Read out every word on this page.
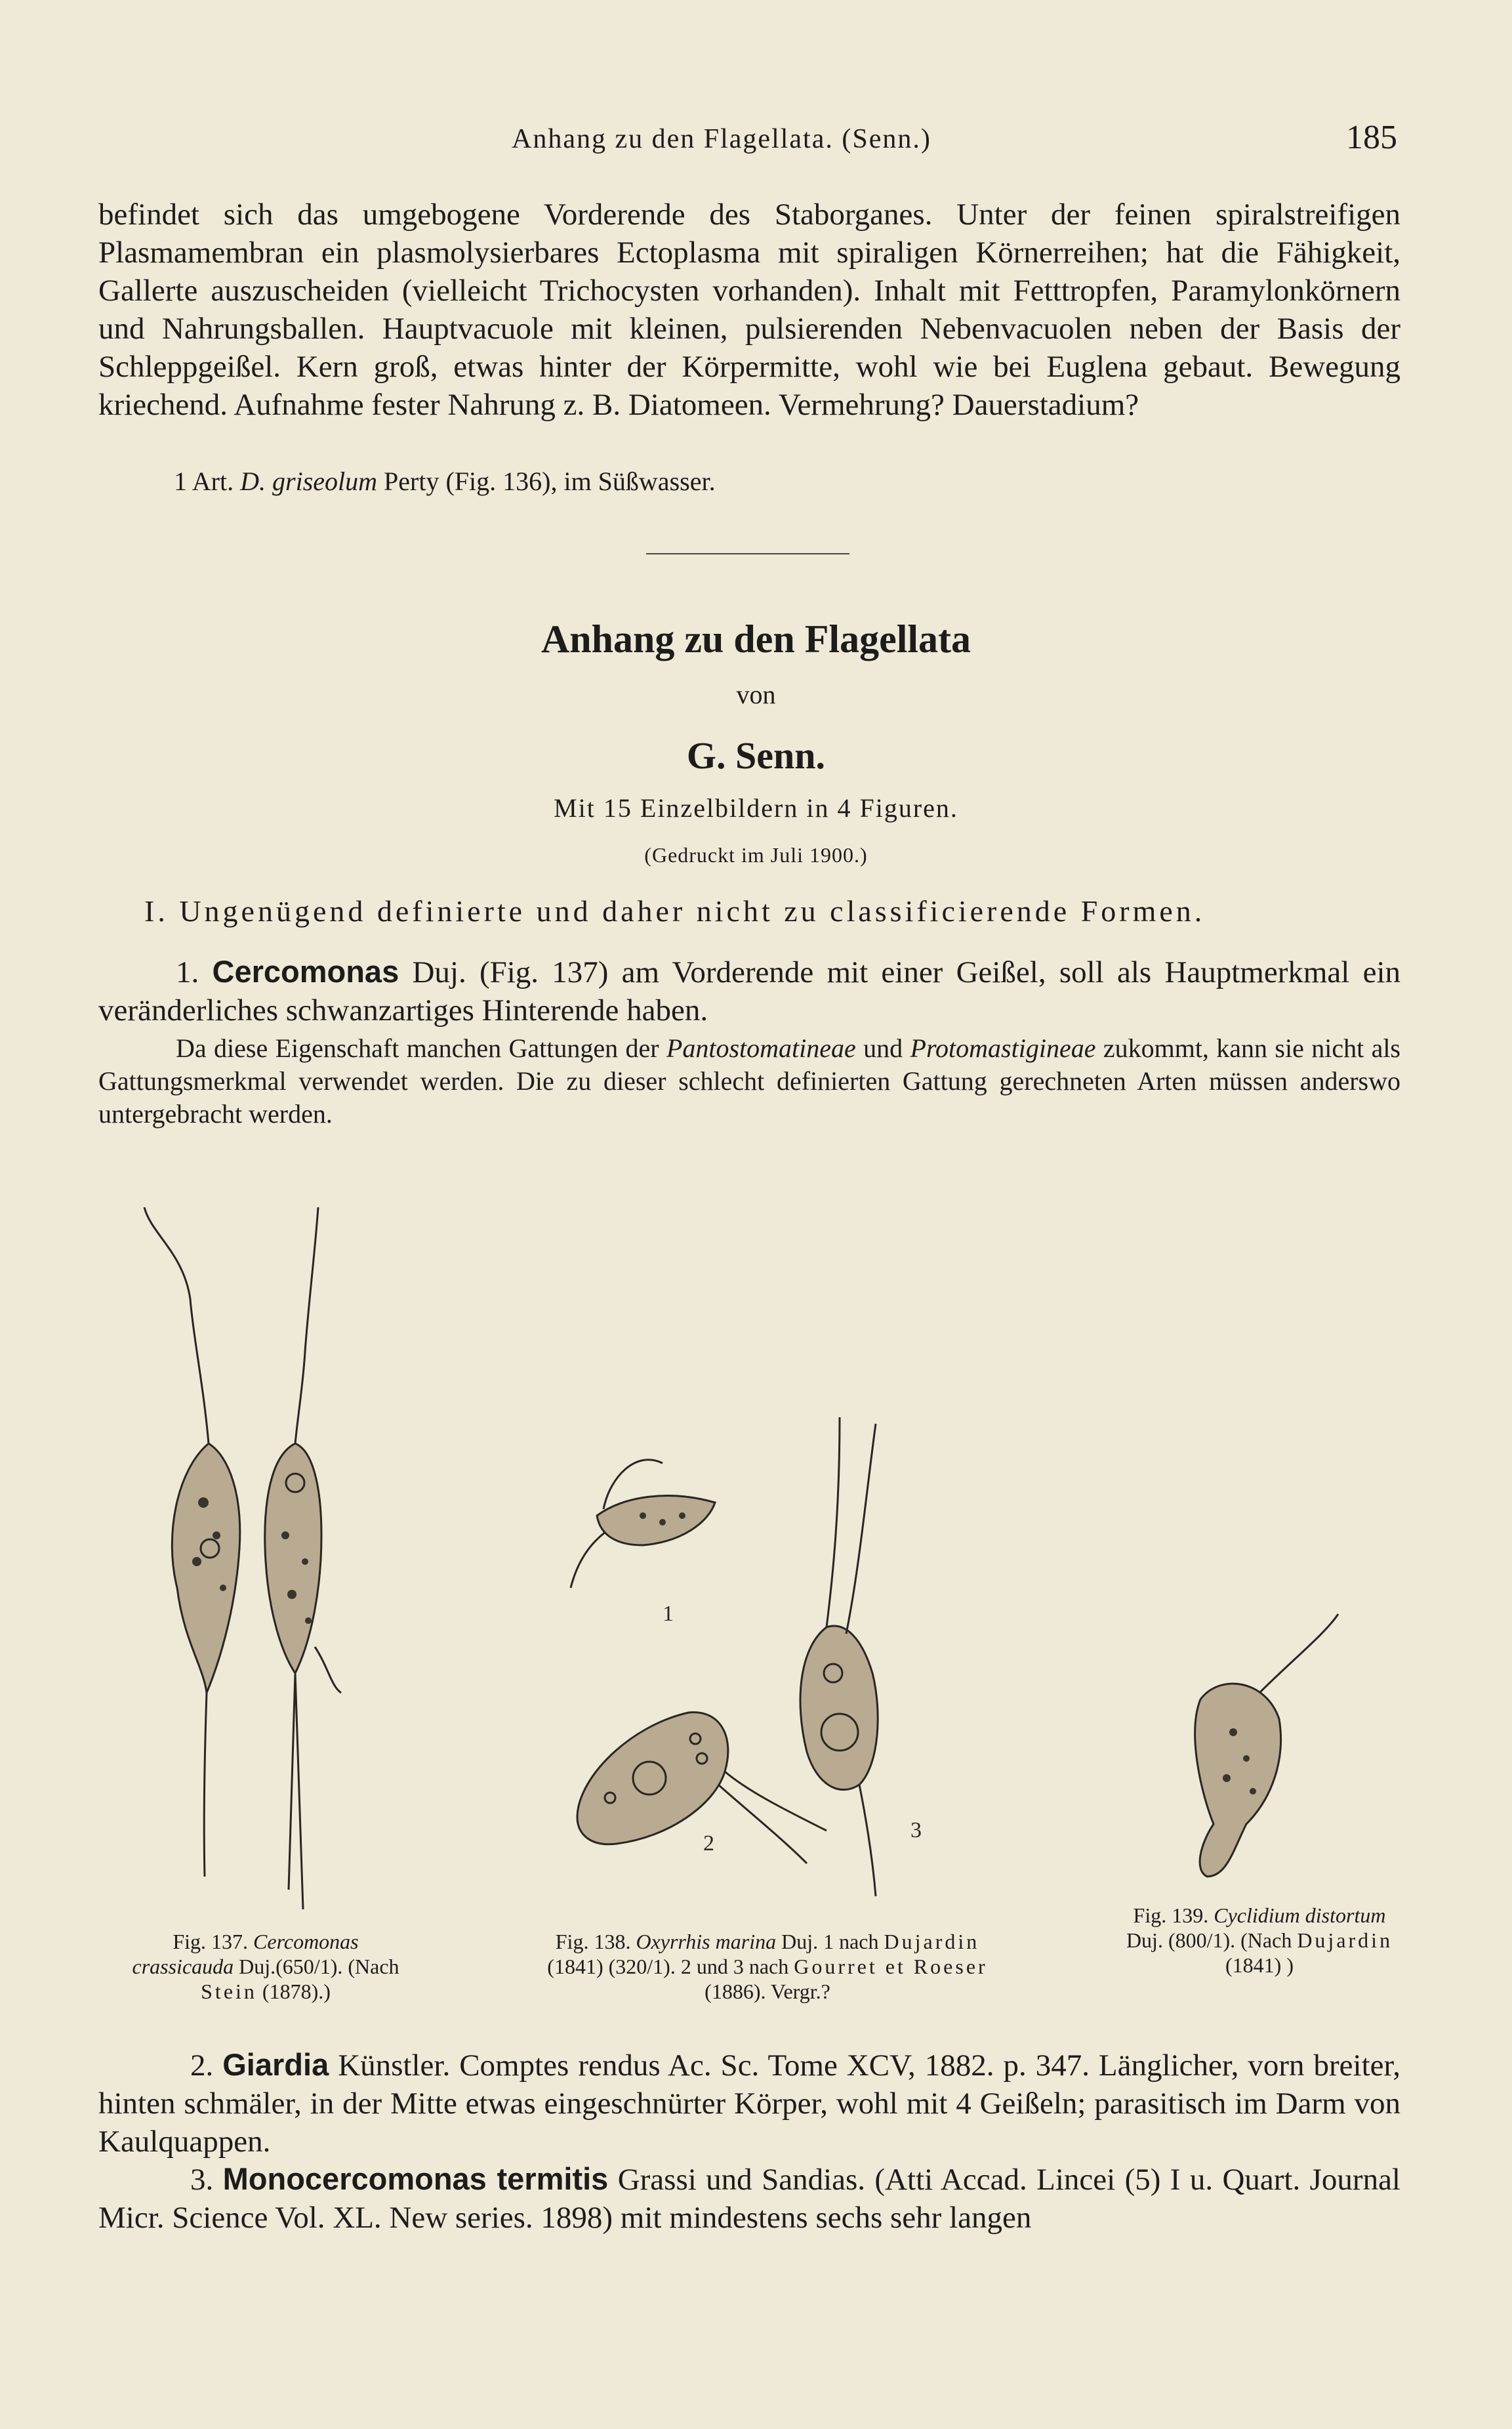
Anhang zu den Flagellata. (Senn.)	185

befindet sich das umgebogene Vorderende des Staborganes. Unter der feinen spiralstreifigen Plasmamembran ein plasmolysierbares Ectoplasma mit spiraligen Körnerreihen; hat die Fähigkeit, Gallerte auszuscheiden (vielleicht Trichocysten vorhanden). Inhalt mit Fetttropfen, Paramylonkörnern und Nahrungsballen. Hauptvacuole mit kleinen, pulsierenden Nebenvacuolen neben der Basis der Schleppgeißel. Kern groß, etwas hinter der Körpermitte, wohl wie bei Euglena gebaut. Bewegung kriechend. Aufnahme fester Nahrung z. B. Diatomeen. Vermehrung? Dauerstadium?

1 Art. D. griseolum Perty (Fig. 136), im Süßwasser.
Anhang zu den Flagellata
von
G. Senn.
Mit 15 Einzelbildern in 4 Figuren.
(Gedruckt im Juli 1900.)
I. Ungenügend definierte und daher nicht zu classificierende Formen.

1. Cercomonas Duj. (Fig. 137) am Vorderende mit einer Geißel, soll als Hauptmerkmal ein veränderliches schwanzartiges Hinterende haben.

Da diese Eigenschaft manchen Gattungen der Pantostomatineae und Protomastigineae zukommt, kann sie nicht als Gattungsmerkmal verwendet werden. Die zu dieser schlecht definierten Gattung gerechneten Arten müssen anderswo untergebracht werden.

1
2
3
Fig. 137. Cercomonas crassicauda Duj.(650/1). (Nach Stein (1878).)
Fig. 138. Oxyrrhis marina Duj. 1 nach Dujardin (1841) (320/1). 2 und 3 nach Gourret et Roeser (1886). Vergr.?
Fig. 139. Cyclidium distortum Duj. (800/1). (Nach Dujardin (1841) )

2. Giardia Künstler. Comptes rendus Ac. Sc. Tome XCV, 1882. p. 347. Länglicher, vorn breiter, hinten schmäler, in der Mitte etwas eingeschnürter Körper, wohl mit 4 Geißeln; parasitisch im Darm von Kaulquappen.

3. Monocercomonas termitis Grassi und Sandias. (Atti Accad. Lincei (5) I u. Quart. Journal Micr. Science Vol. XL. New series. 1898) mit mindestens sechs sehr langen
